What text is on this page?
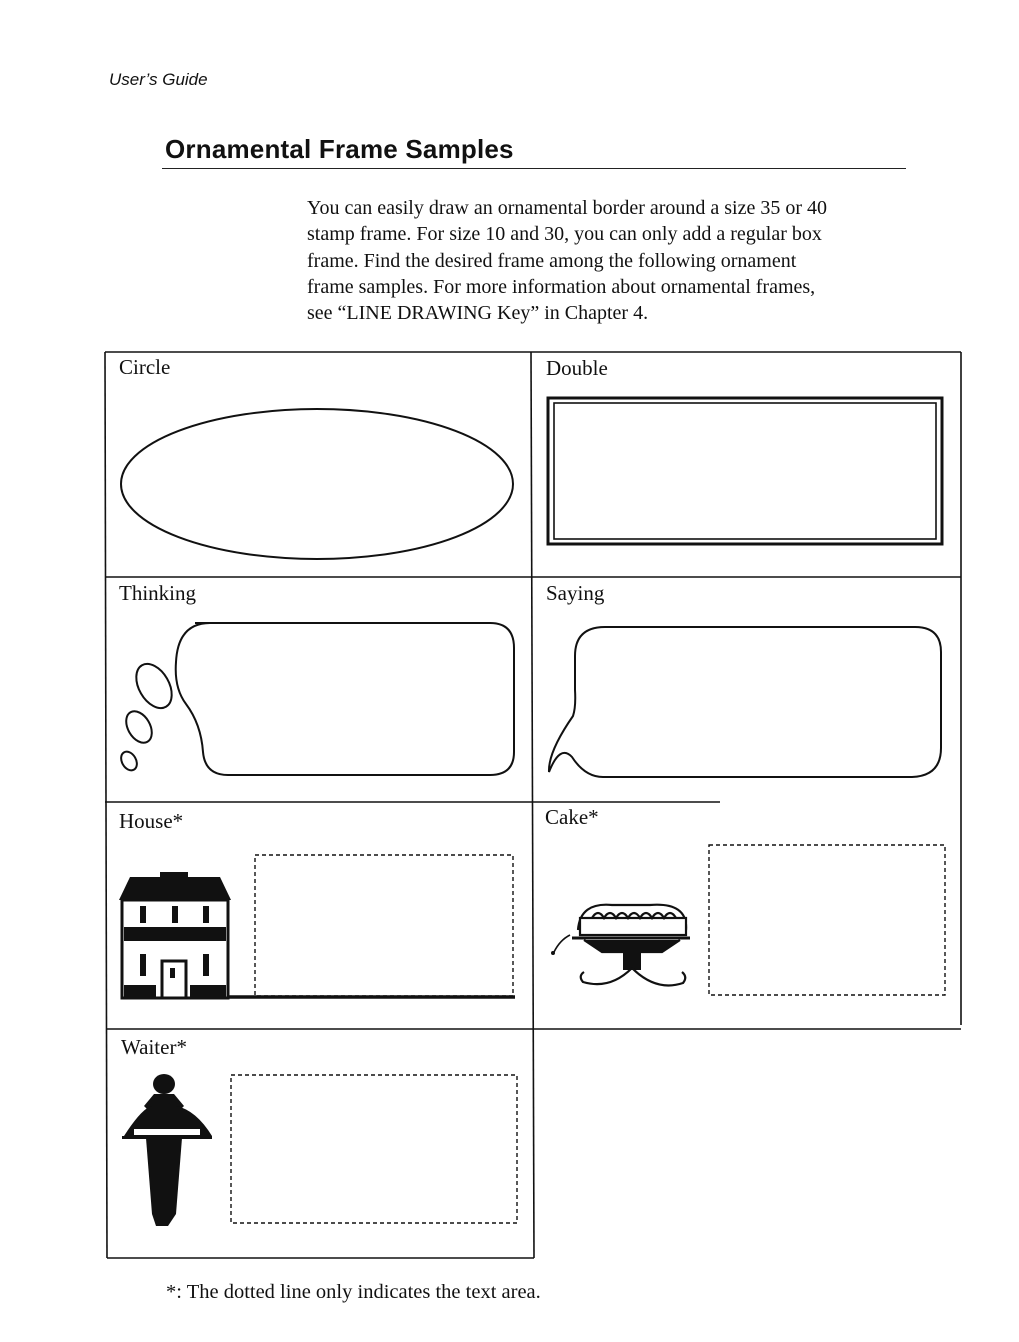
User’s Guide
Ornamental Frame Samples

You can easily draw an ornamental border around a size 35 or 40

stamp frame. For size 10 and 30, you can only add a regular box

frame. Find the desired frame among the following ornament

frame samples. For more information about ornamental frames,

see “LINE DRAWING Key” in Chapter 4.

Circle	Double
Thinking	Saying
House*	Cake*
Waiter*
*: The dotted line only indicates the text area.
